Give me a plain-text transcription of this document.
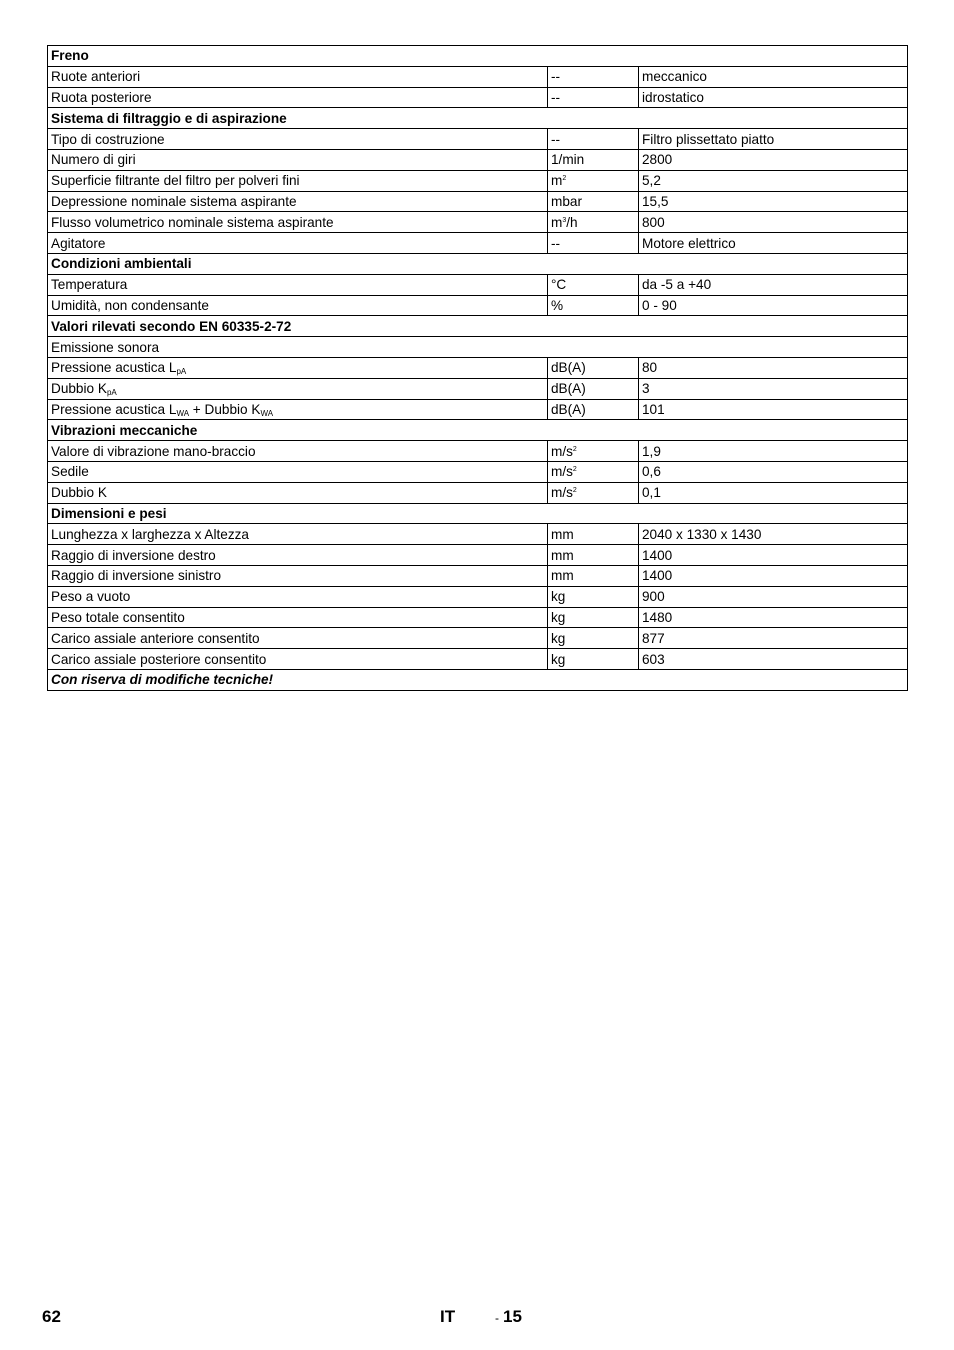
Freno		
Ruote anteriori	--	meccanico
Ruota posteriore	--	idrostatico
Sistema di filtraggio e di aspirazione		
Tipo di costruzione	--	Filtro plissettato piatto
Numero di giri	1/min	2800
Superficie filtrante del filtro per polveri fini	$m^2$	5,2
Depressione nominale sistema aspirante	mbar	15,5
Flusso volumetrico nominale sistema aspirante	$m^3/h$	800
Agitatore	--	Motore elettrico
Condizioni ambientali		
Temperatura	°C	da -5 a +40
Umidità, non condensante	%	0 - 90
Valori rilevati secondo EN 60335-2-72		
Emissione sonora		
Pressione acustica $L_{pA}$	dB(A)	80
Dubbio $K_{pA}$	dB(A)	3
Pressione acustica $L_{WA}$ + Dubbio $K_{WA}$	dB(A)	101
Vibrazioni meccaniche		
Valore di vibrazione mano-braccio	$m/s^2$	1,9
Sedile	$m/s^2$	0,6
Dubbio K	$m/s^2$	0,1
Dimensioni e pesi		
Lunghezza x larghezza x Altezza	mm	2040 x 1330 x 1430
Raggio di inversione destro	mm	1400
Raggio di inversione sinistro	mm	1400
Peso a vuoto	kg	900
Peso totale consentito	kg	1480
Carico assiale anteriore consentito	kg	877
Carico assiale posteriore consentito	kg	603
Con riserva di modifiche tecniche!		
62	IT	- 15
